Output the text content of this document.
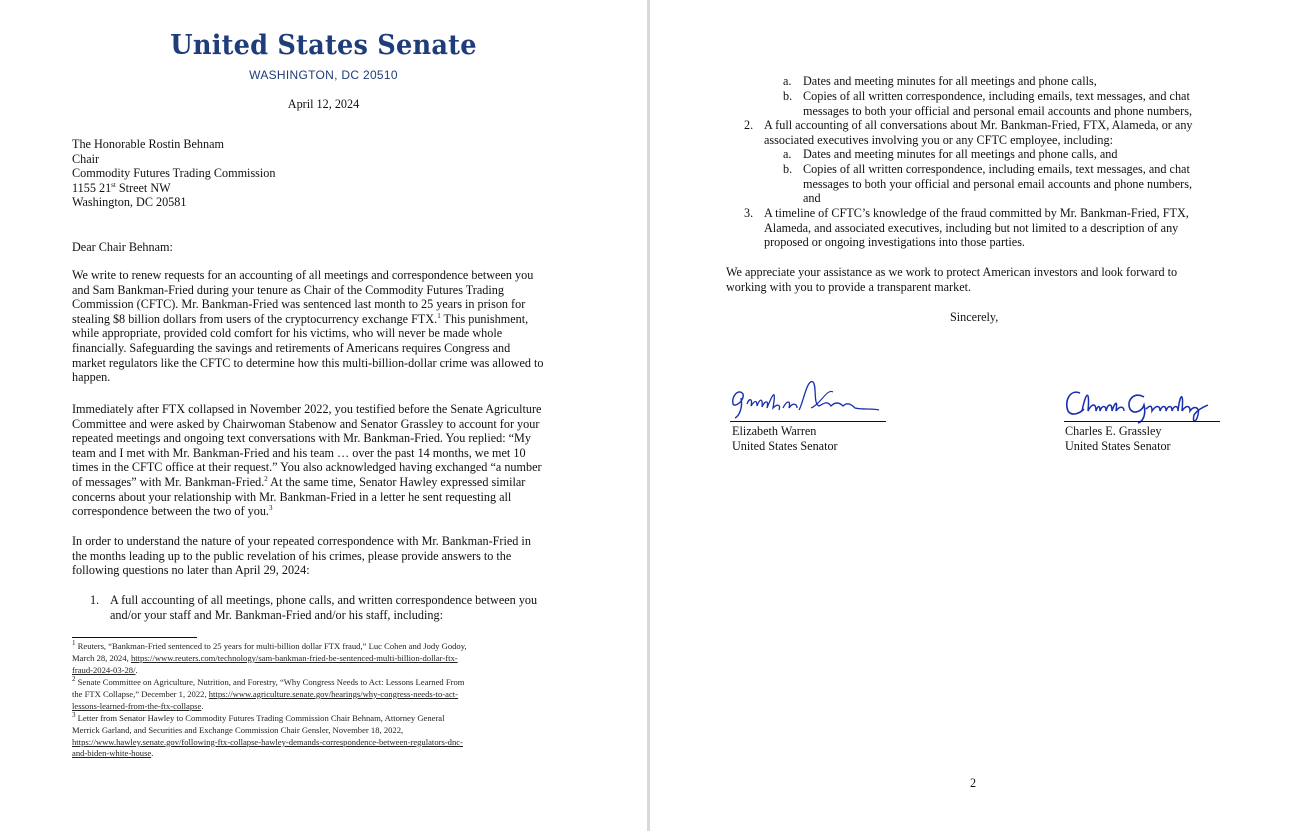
United States Senate
WASHINGTON, DC 20510
April 12, 2024
The Honorable Rostin Behnam
Chair
Commodity Futures Trading Commission
1155 21st Street NW
Washington, DC 20581
Dear Chair Behnam:
We write to renew requests for an accounting of all meetings and correspondence between you
and Sam Bankman-Fried during your tenure as Chair of the Commodity Futures Trading
Commission (CFTC). Mr. Bankman-Fried was sentenced last month to 25 years in prison for
stealing $8 billion dollars from users of the cryptocurrency exchange FTX.$^1$ This punishment,
while appropriate, provided cold comfort for his victims, who will never be made whole
financially. Safeguarding the savings and retirements of Americans requires Congress and
market regulators like the CFTC to determine how this multi-billion-dollar crime was allowed to
happen.
Immediately after FTX collapsed in November 2022, you testified before the Senate Agriculture
Committee and were asked by Chairwoman Stabenow and Senator Grassley to account for your
repeated meetings and ongoing text conversations with Mr. Bankman-Fried. You replied: “My
team and I met with Mr. Bankman-Fried and his team … over the past 14 months, we met 10
times in the CFTC office at their request.” You also acknowledged having exchanged “a number
of messages” with Mr. Bankman-Fried.$^2$ At the same time, Senator Hawley expressed similar
concerns about your relationship with Mr. Bankman-Fried in a letter he sent requesting all
correspondence between the two of you.$^3$
In order to understand the nature of your repeated correspondence with Mr. Bankman-Fried in
the months leading up to the public revelation of his crimes, please provide answers to the
following questions no later than April 29, 2024:
1. A full accounting of all meetings, phone calls, and written correspondence between you
and/or your staff and Mr. Bankman-Fried and/or his staff, including:
$^1$ Reuters, “Bankman-Fried sentenced to 25 years for multi-billion dollar FTX fraud,” Luc Cohen and Jody Godoy,
March 28, 2024, https://www.reuters.com/technology/sam-bankman-fried-be-sentenced-multi-billion-dollar-ftx-
fraud-2024-03-28/.
$^2$ Senate Committee on Agriculture, Nutrition, and Forestry, “Why Congress Needs to Act: Lessons Learned From
the FTX Collapse,” December 1, 2022, https://www.agriculture.senate.gov/hearings/why-congress-needs-to-act-
lessons-learned-from-the-ftx-collapse.
$^3$ Letter from Senator Hawley to Commodity Futures Trading Commission Chair Behnam, Attorney General
Merrick Garland, and Securities and Exchange Commission Chair Gensler, November 18, 2022,
https://www.hawley.senate.gov/following-ftx-collapse-hawley-demands-correspondence-between-regulators-dnc-
and-biden-white-house.
a. Dates and meeting minutes for all meetings and phone calls,
b. Copies of all written correspondence, including emails, text messages, and chat
messages to both your official and personal email accounts and phone numbers,
2. A full accounting of all conversations about Mr. Bankman-Fried, FTX, Alameda, or any
associated executives involving you or any CFTC employee, including:
a. Dates and meeting minutes for all meetings and phone calls, and
b. Copies of all written correspondence, including emails, text messages, and chat
messages to both your official and personal email accounts and phone numbers,
and
3. A timeline of CFTC’s knowledge of the fraud committed by Mr. Bankman-Fried, FTX,
Alameda, and associated executives, including but not limited to a description of any
proposed or ongoing investigations into those parties.
We appreciate your assistance as we work to protect American investors and look forward to
working with you to provide a transparent market.
Sincerely,
Elizabeth Warren
United States Senator
Charles E. Grassley
United States Senator
2
